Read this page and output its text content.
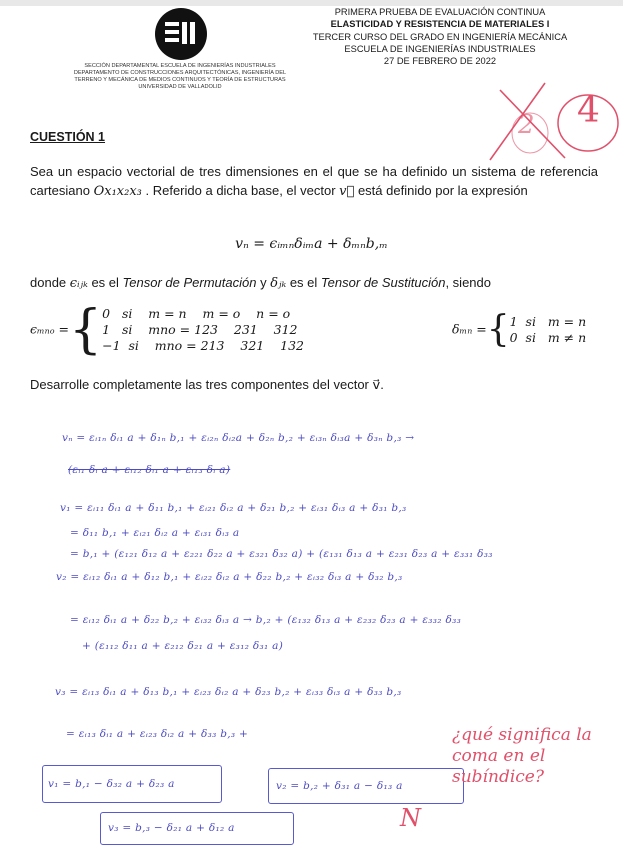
SECCIÓN DEPARTAMENTAL ESCUELA DE INGENIERÍAS INDUSTRIALES
DEPARTAMENTO DE CONSTRUCCIONES ARQUITECTÓNICAS, INGENIERÍA DEL
TERRENO Y MECÁNICA DE MEDIOS CONTINUOS Y TEORÍA DE ESTRUCTURAS
UNIVERSIDAD DE VALLADOLID
PRIMERA PRUEBA DE EVALUACIÓN CONTINUA
ELASTICIDAD Y RESISTENCIA DE MATERIALES I
TERCER CURSO DEL GRADO EN INGENIERÍA MECÁNICA
ESCUELA DE INGENIERÍAS INDUSTRIALES
27 DE FEBRERO DE 2022
2 4
CUESTIÓN 1
Sea un espacio vectorial de tres dimensiones en el que se ha definido un sistema de referencia cartesiano Ox₁x₂x₃ . Referido a dicha base, el vector v⃗ está definido por la expresión
vₙ = ϵᵢₘₙδᵢₘa + δₘₙb,ₘ
donde ϵᵢⱼₖ es el Tensor de Permutación y δⱼₖ es el Tensor de Sustitución, siendo
ϵₘₙₒ ={ 0   si    m = n    m = o    n = o
1   si    mno = 123    231    312
−1  si    mno = 213    321    132
δₘₙ ={ 1  si   m = n
0  si   m ≠ n
Desarrolle completamente las tres componentes del vector v⃗.
vₙ = εᵢ₁ₙ δᵢ₁ a + δ₁ₙ b,₁ + εᵢ₂ₙ δᵢ₂a + δ₂ₙ b,₂ + εᵢ₃ₙ δᵢ₃a + δ₃ₙ b,₃ →
(εᵢ₁ δᵢ a + εᵢ₁₂ δᵢ₁ a + εᵢ₁₃ δᵢ a)
v₁ = εᵢ₁₁ δᵢ₁ a + δ₁₁ b,₁ + εᵢ₂₁ δᵢ₂ a + δ₂₁ b,₂ + εᵢ₃₁ δᵢ₃ a + δ₃₁ b,₃
= δ₁₁ b,₁ + εᵢ₂₁ δᵢ₂ a + εᵢ₃₁ δᵢ₃ a
= b,₁ + (ε₁₂₁ δ₁₂ a + ε₂₂₁ δ₂₂ a + ε₃₂₁ δ₃₂ a) + (ε₁₃₁ δ₁₃ a + ε₂₃₁ δ₂₃ a + ε₃₃₁ δ₃₃
v₂ = εᵢ₁₂ δᵢ₁ a + δ₁₂ b,₁ + εᵢ₂₂ δᵢ₂ a + δ₂₂ b,₂ + εᵢ₃₂ δᵢ₃ a + δ₃₂ b,₃
= εᵢ₁₂ δᵢ₁ a + δ₂₂ b,₂ + εᵢ₃₂ δᵢ₃ a → b,₂ + (ε₁₃₂ δ₁₃ a + ε₂₃₂ δ₂₃ a + ε₃₃₂ δ₃₃
+ (ε₁₁₂ δ₁₁ a + ε₂₁₂ δ₂₁ a + ε₃₁₂ δ₃₁ a)
v₃ = εᵢ₁₃ δᵢ₁ a + δ₁₃ b,₁ + εᵢ₂₃ δᵢ₂ a + δ₂₃ b,₂ + εᵢ₃₃ δᵢ₃ a + δ₃₃ b,₃
= εᵢ₁₃ δᵢ₁ a + εᵢ₂₃ δᵢ₂ a + δ₃₃ b,₃ +
v₁ = b,₁ − δ₃₂ a + δ₂₃ a	v₂ = b,₂ + δ₃₁ a − δ₁₃ a
v₃ = b,₃ − δ₂₁ a + δ₁₂ a
¿qué significa la coma en el subíndice?
N
